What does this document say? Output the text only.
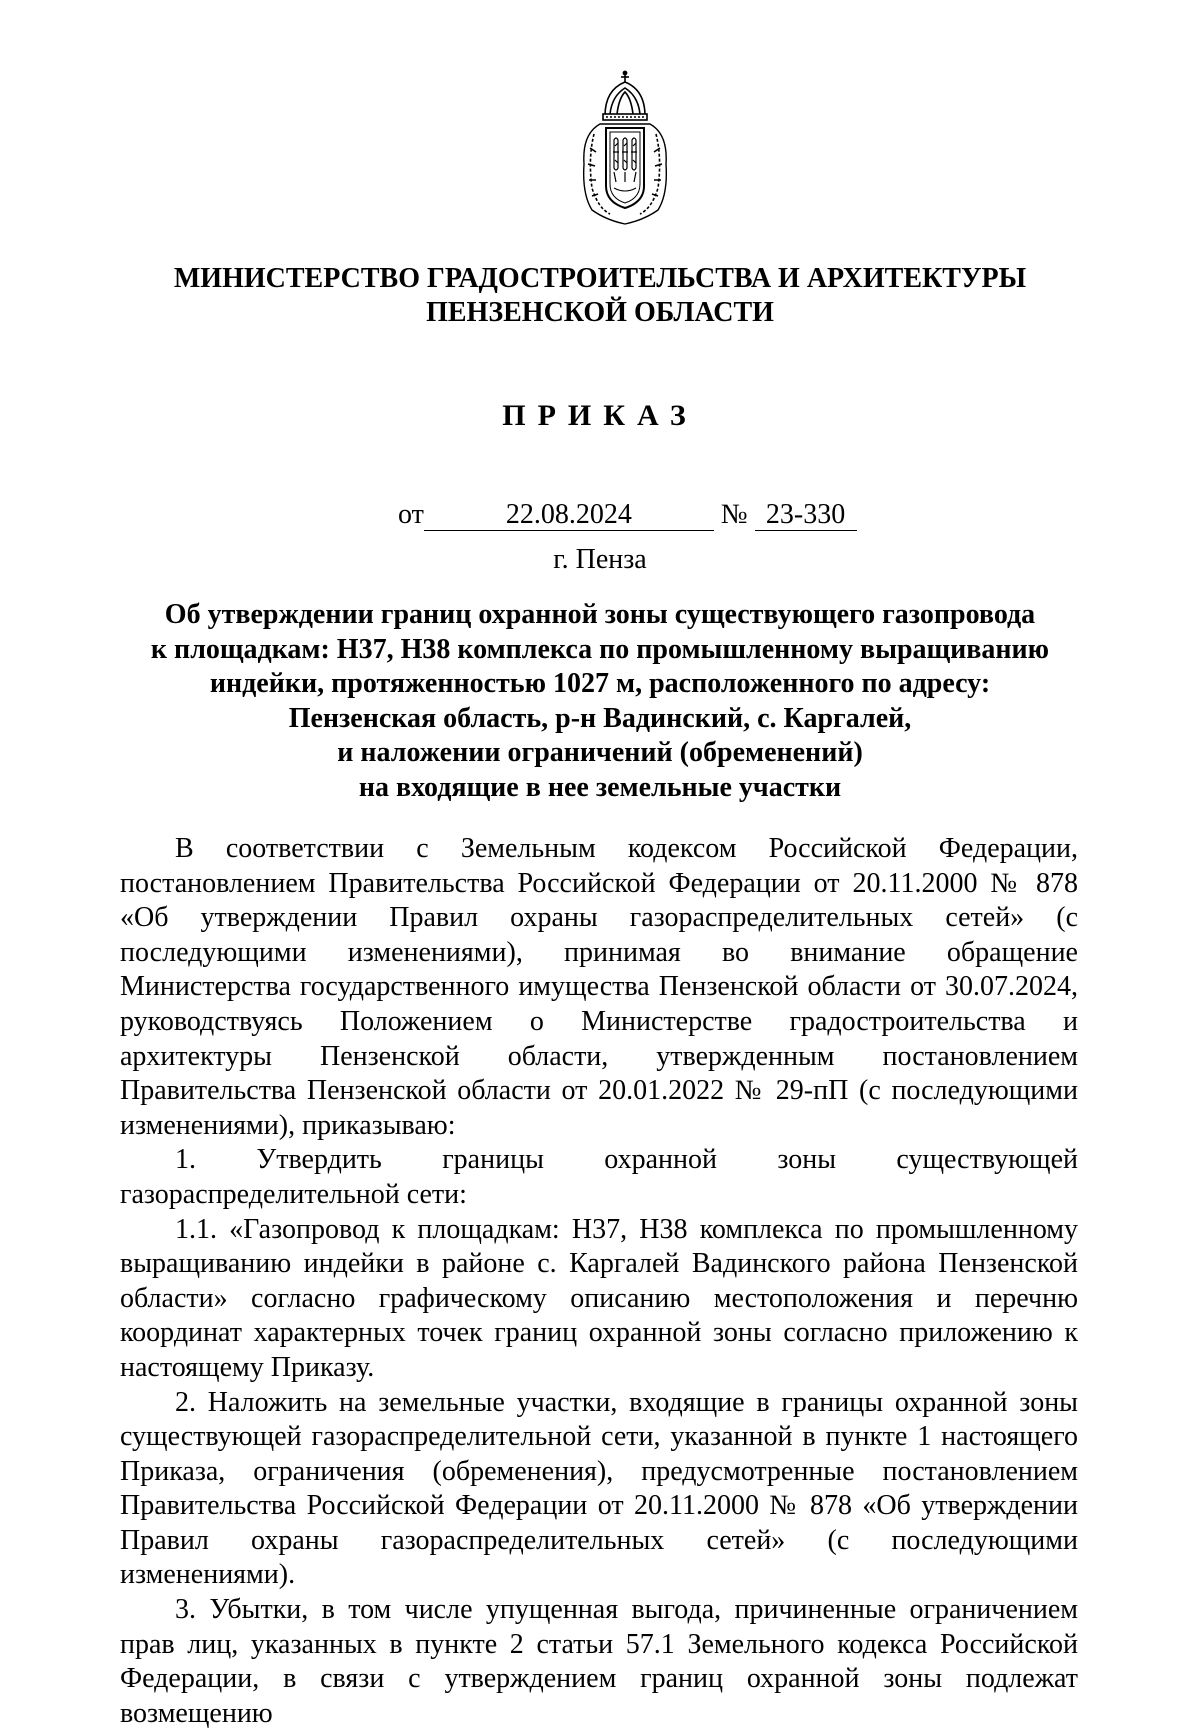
МИНИСТЕРСТВО ГРАДОСТРОИТЕЛЬСТВА И АРХИТЕКТУРЫ
ПЕНЗЕНСКОЙ ОБЛАСТИ
ПРИКАЗ
от	22.08.2024	№ 23-330
г. Пенза
Об утверждении границ охранной зоны существующего газопровода
к площадкам: Н37, Н38 комплекса по промышленному выращиванию
индейки, протяженностью 1027 м, расположенного по адресу:
Пензенская область, р-н Вадинский, с. Каргалей,
и наложении ограничений (обременений)
на входящие в нее земельные участки

В соответствии с Земельным кодексом Российской Федерации, постановлением Правительства Российской Федерации от 20.11.2000 № 878 «Об утверждении Правил охраны газораспределительных сетей» (с последующими изменениями), принимая во внимание обращение Министерства государственного имущества Пензенской области от 30.07.2024, руководствуясь Положением о Министерстве градостроительства и архитектуры Пензенской области, утвержденным постановлением Правительства Пензенской области от 20.01.2022 № 29-пП (с последующими изменениями), приказываю:

1. Утвердить границы охранной зоны существующей газораспределительной сети:

1.1. «Газопровод к площадкам: Н37, Н38 комплекса по промышленному выращиванию индейки в районе с. Каргалей Вадинского района Пензенской области» согласно графическому описанию местоположения и перечню координат характерных точек границ охранной зоны согласно приложению к настоящему Приказу.

2. Наложить на земельные участки, входящие в границы охранной зоны существующей газораспределительной сети, указанной в пункте 1 настоящего Приказа, ограничения (обременения), предусмотренные постановлением Правительства Российской Федерации от 20.11.2000 № 878 «Об утверждении Правил охраны газораспределительных сетей» (с последующими изменениями).

3. Убытки, в том числе упущенная выгода, причиненные ограничением прав лиц, указанных в пункте 2 статьи 57.1 Земельного кодекса Российской Федерации, в связи с утверждением границ охранной зоны подлежат возмещению
